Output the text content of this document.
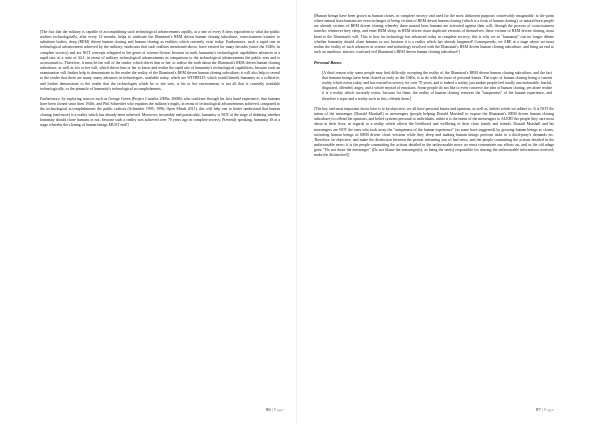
[The fact that the military is capable of accomplishing such technological advancements rapidly, at a rate of every 8 days equivalent to what the public realises technologically, after every 12 months, helps to vindicate the Illuminati's REM driven human cloning subculture, consciousness transfer to substitute bodies, deep (REM) driven human cloning and human cloning as realities which currently exist today. Furthermore, such a rapid rate in technological advancement achieved by the military, vindicates that such realities mentioned above, have existed for many decades (since the 1940s, in complete secrecy) and are NOT concepts relegated to the genre of science-fiction, because in truth, humanity's technological capabilities advances at a rapid rate, at a ratio of 44:1, in terms of military technological advancements in comparison to the technological advancements the public sees and is accustomed to. Therefore, it must be the will of the reader, which drives him or her, to realise the truth about the Illuminati's REM driven human cloning subculture, as well as, his or her will, which drives him or her to know and realise the rapid rate of humanity's technological capabilities, because such an examination will further help to demonstrate to the reader the reality of the Illuminati's REM driven human cloning subculture; it will also help to reveal to the reader that there are many, many advances in technologies, available today, which are WITHELD, which would benefit humanity as a collective, and further demonstrate to the reader that the technologies which he or she sees, is his or her environment, is not all that is currently available technologically, or the pinnacle of humanity's technological accomplishments.

Furthermore, by exploring sources such as George Green (Project Camelot 2008a; 2008b) who confirms through his first hand experience, that humans have been cloned since then 1940s, and Phil Schneider who explains the military's might, in terms of technological advancements achieved, compared to the technological accomplishments the public realises (Schneider 1995; 1996; Open Minds 2011), this will help one to better understand that human cloning (and more) is a reality which has already been achieved. Moreover, invariably and practicality, humanity is NOT at the stage of debating whether humanity should clone humans or not, because such a reality was achieved over 70 years ago in complete secrecy. Presently speaking, humanity IS at a stage whereby the cloning of human beings MUST end!]

86 | Page

[Human beings have been grown as human clones, in complete secrecy and used for the most abhorrent purposes conceivably imaginable, to the point where natural born humans are even in danger of being victims of REM driven human cloning (which is a form of human cloning), or natural born people are already victims of REM driven cloning whereby these natural born humans are activated against their will, through the process of consciousness transfer, whenever they sleep, and enter REM sleep, in REM driven clone duplicate versions of themselves, these victims of REM driven cloning, must bend to the Illuminati's will. This is how far technology has advanced today in complete secrecy; this is why we as "humanity" can no longer debate whether humanity should clone humans or not, because it is a reality which has already happened! Consequently, we ARE at a stage where we must realise the reality of such advances in science and technology involved with the Illuminati's REM driven human cloning subculture, and bring an end to such an insidious, sinister, cruel and evil Illuminati's REM driven human cloning subculture!]

Personal Biases

[A third reason why some people may find difficulty accepting the reality of the Illuminati's REM driven human cloning subculture, and the fact that humans beings have been cloned as early as the 1940s, is to do with the issue of personal biases. The topic of human cloning being a current reality which exists today, and has existed in secrecy for over 70 years, and is indeed a reality, just makes people feel totally uncomfortable, fearful, disgusted, offended, angry, and a whole myriad of emotions. Some people do not like to even conceive the idea of human cloning, yet alone realise it is a reality which currently exists, because for them, the reality of human cloning removes the "uniqueness" of the human experience, and therefore a topic and a reality such as this, offends them.]

[The key and most important factor here is to be objective; we all have personal biases and opinions, as well as, beliefs which we adhere to. It is NOT the intent of the messenger (Donald Marshall) or messengers (people helping Donald Marshall to expose the Illuminati's REM driven human cloning subculture) to offend the opinions, and belief systems personal to individuals, rather it is the intent of the messengers to ALERT the people they care most about in their lives, in regards to a reality which affects the livelihood and wellbeing of their close family and friends. Donald Marshall and his messengers are NOT the ones who took away the "uniqueness of the human experience" (as some have suggested) by growing human beings as clones, activating human beings as REM driven clone versions while they sleep and making human beings perform tasks to a third-party's demands etc. Therefore, be objective, and make the distinction between the person informing you of bad news, and the people committing the actions detailed in the unfavourable news; it is the people committing the actions detailed in the unfavourable news we must concentrate our efforts on, and as the old adage goes: "Do not shoot the messenger" (Do not blame the messenger(s), as being the one(s) responsible for sharing the unfavourable information received; make the distinction!)]

87 | Page
